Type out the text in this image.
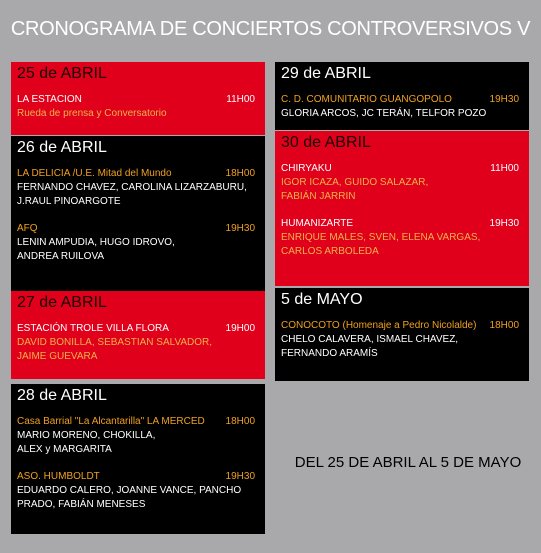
CRONOGRAMA DE CONCIERTOS CONTROVERSIVOS V
25 de ABRIL
LA ESTACION	11H00
Rueda de prensa y Conversatorio
26 de ABRIL
LA DELICIA /U.E. Mitad del Mundo	18H00
FERNANDO CHAVEZ, CAROLINA LIZARZABURU,
J.RAUL PINOARGOTE
AFQ	19H30
LENIN AMPUDIA, HUGO IDROVO,
ANDREA RUILOVA
27 de ABRIL
ESTACIÓN TROLE VILLA FLORA	19H00
DAVID BONILLA, SEBASTIAN SALVADOR,
JAIME GUEVARA
28 de ABRIL
Casa Barrial "La Alcantarilla" LA MERCED 18H00
MARIO MORENO, CHOKILLA,
ALEX y MARGARITA
ASO. HUMBOLDT	19H30
EDUARDO CALERO, JOANNE VANCE, PANCHO
PRADO, FABIÁN MENESES
29 de ABRIL
C. D. COMUNITARIO GUANGOPOLO	19H30
GLORIA ARCOS, JC TERÁN, TELFOR POZO
30 de ABRIL
CHIRYAKU	11H00
IGOR ICAZA, GUIDO SALAZAR,
FABIÁN JARRIN
HUMANIZARTE	19H30
ENRIQUE MALES, SVEN, ELENA VARGAS,
CARLOS ARBOLEDA
5 de MAYO
CONOCOTO (Homenaje a Pedro Nicolalde) 18H00
CHELO CALAVERA, ISMAEL CHAVEZ,
FERNANDO ARAMÍS
DEL 25 DE ABRIL AL 5 DE MAYO
